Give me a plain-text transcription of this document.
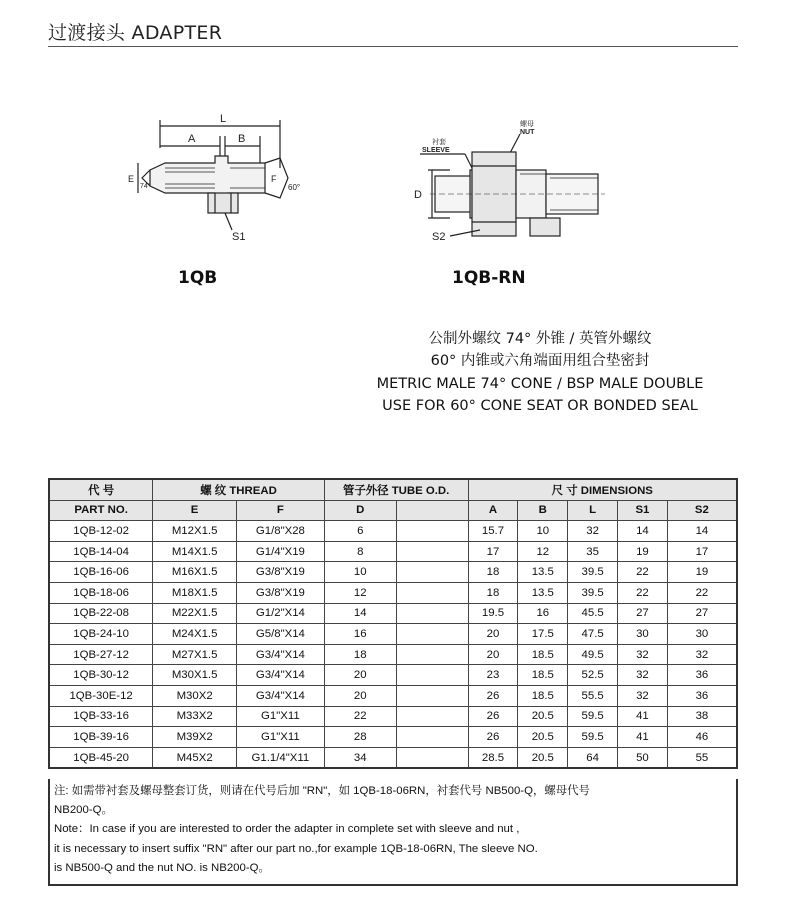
过渡接头 ADAPTER
L
A	B
E
74°
F
60°
S1
1QB
衬套
SLEEVE
螺母
NUT
D
S2
1QB-RN
公制外螺纹 74° 外锥 / 英管外螺纹
60° 内锥或六角端面用组合垫密封
METRIC MALE 74° CONE / BSP MALE DOUBLE
USE FOR 60° CONE SEAT OR BONDED SEAL
代 号	螺 纹 THREAD		管子外径 TUBE O.D.		尺 寸 DIMENSIONS				
PART NO.	E	F	D		A	B	L	S1	S2
1QB-12-02	M12X1.5	G1/8"X28	6		15.7	10	32	14	14
1QB-14-04	M14X1.5	G1/4"X19	8		17	12	35	19	17
1QB-16-06	M16X1.5	G3/8"X19	10		18	13.5	39.5	22	19
1QB-18-06	M18X1.5	G3/8"X19	12		18	13.5	39.5	22	22
1QB-22-08	M22X1.5	G1/2"X14	14		19.5	16	45.5	27	27
1QB-24-10	M24X1.5	G5/8"X14	16		20	17.5	47.5	30	30
1QB-27-12	M27X1.5	G3/4"X14	18		20	18.5	49.5	32	32
1QB-30-12	M30X1.5	G3/4"X14	20		23	18.5	52.5	32	36
1QB-30E-12	M30X2	G3/4"X14	20		26	18.5	55.5	32	36
1QB-33-16	M33X2	G1"X11	22		26	20.5	59.5	41	38
1QB-39-16	M39X2	G1"X11	28		26	20.5	59.5	41	46
1QB-45-20	M45X2	G1.1/4"X11	34		28.5	20.5	64	50	55
注: 如需带衬套及螺母整套订货，则请在代号后加 "RN"，如 1QB-18-06RN，衬套代号 NB500-Q，螺母代号
NB200-Q。
Note：In case if you are interested to order the adapter in complete set with sleeve and nut ,
it is necessary to insert suffix "RN" after our part no.,for example 1QB-18-06RN, The sleeve NO.
is NB500-Q and the nut NO. is NB200-Q。
